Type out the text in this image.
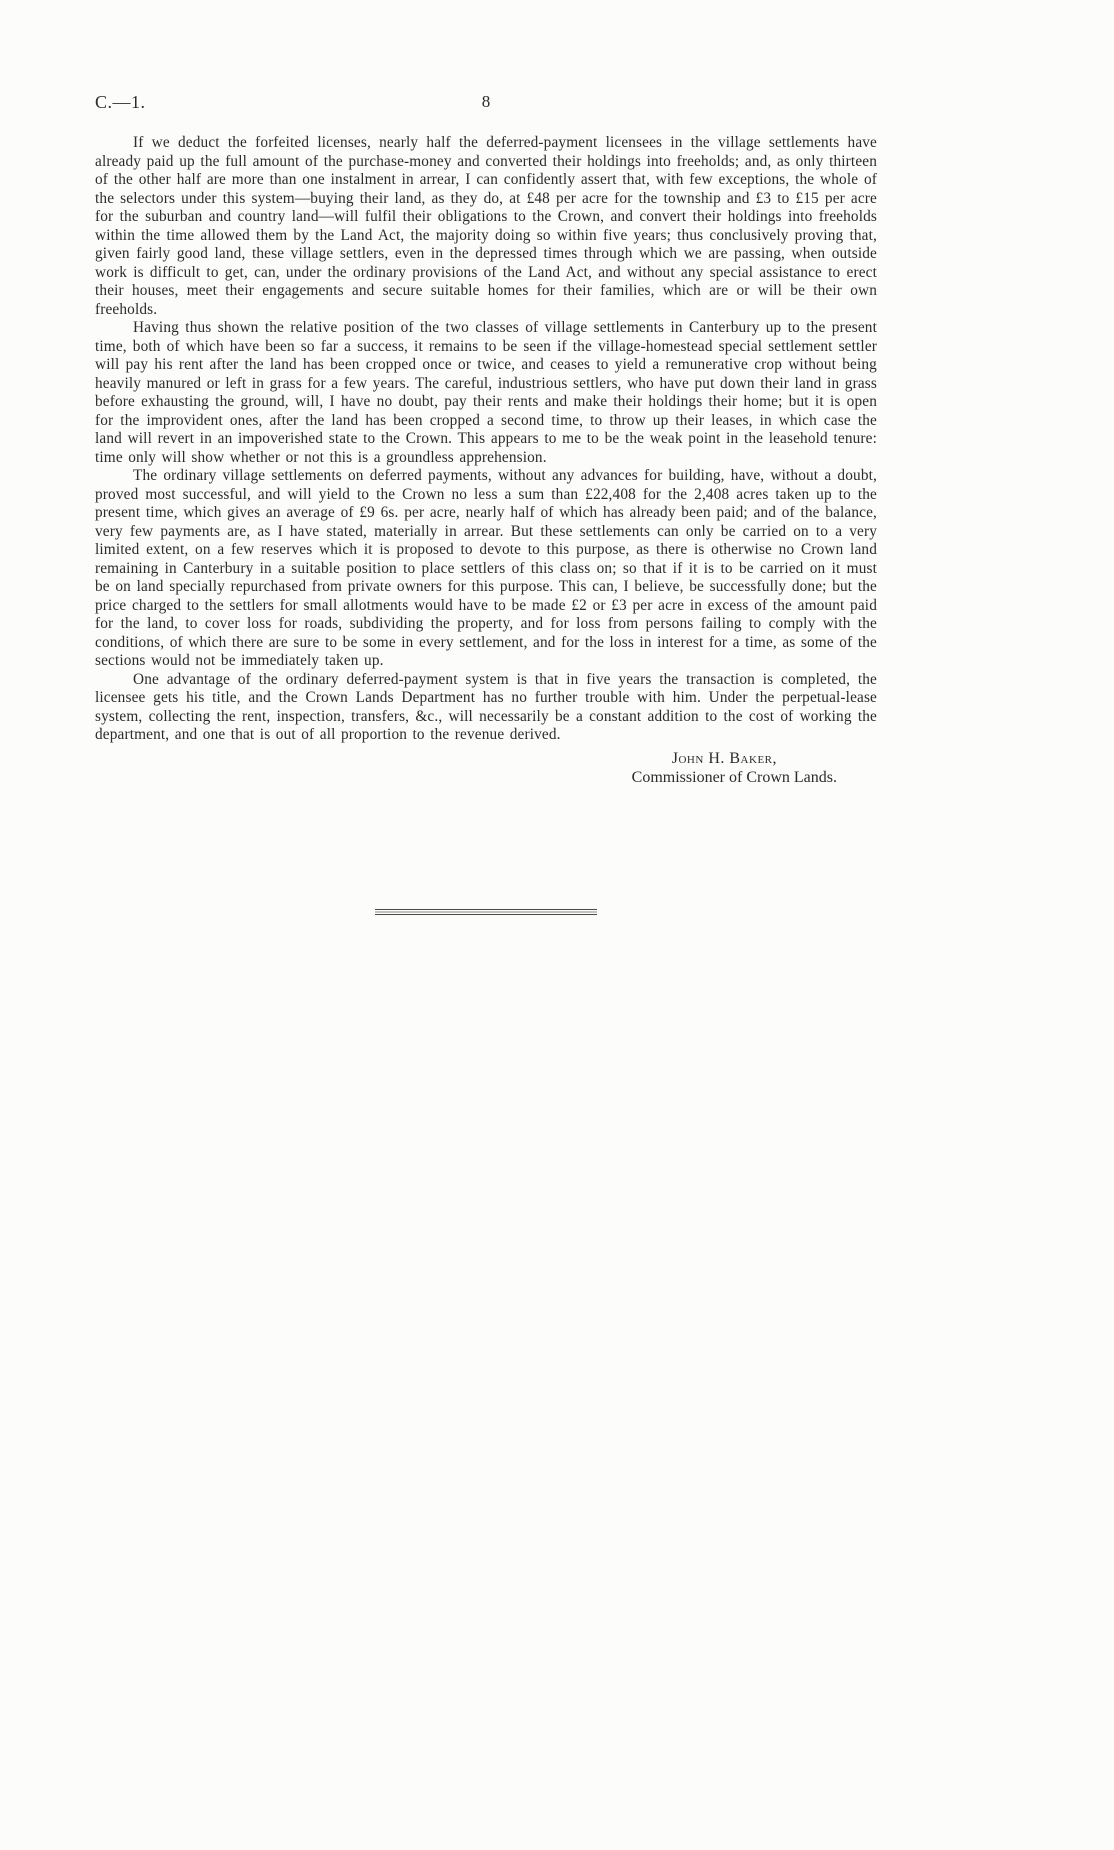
C.—1.	8

If we deduct the forfeited licenses, nearly half the deferred-payment licensees in the village settlements have already paid up the full amount of the purchase-money and converted their holdings into freeholds; and, as only thirteen of the other half are more than one instalment in arrear, I can confidently assert that, with few exceptions, the whole of the selectors under this system—buying their land, as they do, at £48 per acre for the township and £3 to £15 per acre for the suburban and country land—will fulfil their obligations to the Crown, and convert their holdings into freeholds within the time allowed them by the Land Act, the majority doing so within five years; thus conclusively proving that, given fairly good land, these village settlers, even in the depressed times through which we are passing, when outside work is difficult to get, can, under the ordinary provisions of the Land Act, and without any special assistance to erect their houses, meet their engagements and secure suitable homes for their families, which are or will be their own freeholds.

Having thus shown the relative position of the two classes of village settlements in Canterbury up to the present time, both of which have been so far a success, it remains to be seen if the village-homestead special settlement settler will pay his rent after the land has been cropped once or twice, and ceases to yield a remunerative crop without being heavily manured or left in grass for a few years. The careful, industrious settlers, who have put down their land in grass before exhausting the ground, will, I have no doubt, pay their rents and make their holdings their home; but it is open for the improvident ones, after the land has been cropped a second time, to throw up their leases, in which case the land will revert in an impoverished state to the Crown. This appears to me to be the weak point in the leasehold tenure: time only will show whether or not this is a groundless apprehension.

The ordinary village settlements on deferred payments, without any advances for building, have, without a doubt, proved most successful, and will yield to the Crown no less a sum than £22,408 for the 2,408 acres taken up to the present time, which gives an average of £9 6s. per acre, nearly half of which has already been paid; and of the balance, very few payments are, as I have stated, materially in arrear. But these settlements can only be carried on to a very limited extent, on a few reserves which it is proposed to devote to this purpose, as there is otherwise no Crown land remaining in Canterbury in a suitable position to place settlers of this class on; so that if it is to be carried on it must be on land specially repurchased from private owners for this purpose. This can, I believe, be successfully done; but the price charged to the settlers for small allotments would have to be made £2 or £3 per acre in excess of the amount paid for the land, to cover loss for roads, subdividing the property, and for loss from persons failing to comply with the conditions, of which there are sure to be some in every settlement, and for the loss in interest for a time, as some of the sections would not be immediately taken up.

One advantage of the ordinary deferred-payment system is that in five years the transaction is completed, the licensee gets his title, and the Crown Lands Department has no further trouble with him. Under the perpetual-lease system, collecting the rent, inspection, transfers, &c., will necessarily be a constant addition to the cost of working the department, and one that is out of all proportion to the revenue derived.

John H. Baker,
Commissioner of Crown Lands.
